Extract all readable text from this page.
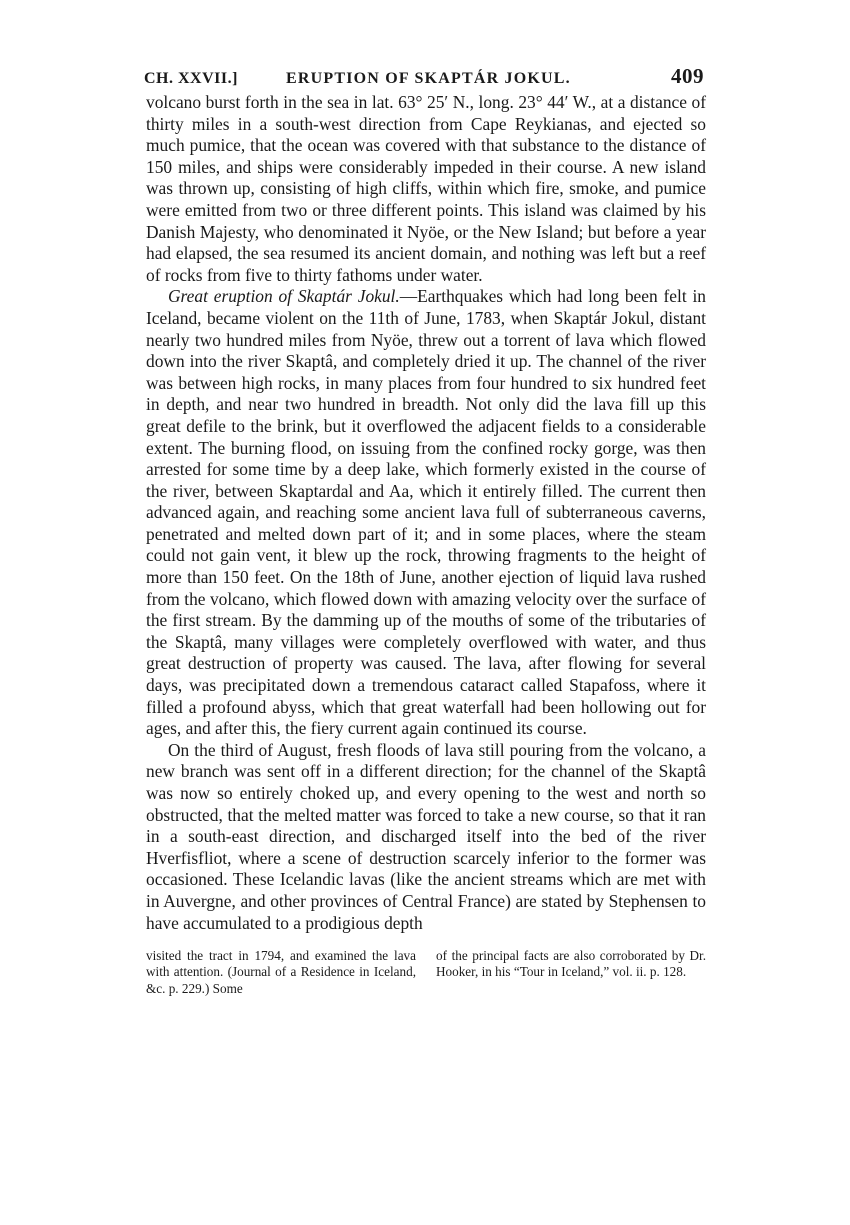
CH. XXVII.]	ERUPTION OF SKAPTÁR JOKUL.	409

volcano burst forth in the sea in lat. 63° 25′ N., long. 23° 44′ W., at a distance of thirty miles in a south-west direction from Cape Reykianas, and ejected so much pumice, that the ocean was covered with that substance to the distance of 150 miles, and ships were considerably impeded in their course. A new island was thrown up, consisting of high cliffs, within which fire, smoke, and pumice were emitted from two or three different points. This island was claimed by his Danish Majesty, who denominated it Nyöe, or the New Island; but before a year had elapsed, the sea resumed its ancient domain, and nothing was left but a reef of rocks from five to thirty fathoms under water.

Great eruption of Skaptár Jokul.—Earthquakes which had long been felt in Iceland, became violent on the 11th of June, 1783, when Skaptár Jokul, distant nearly two hundred miles from Nyöe, threw out a torrent of lava which flowed down into the river Skaptâ, and completely dried it up. The channel of the river was between high rocks, in many places from four hundred to six hundred feet in depth, and near two hundred in breadth. Not only did the lava fill up this great defile to the brink, but it overflowed the adjacent fields to a considerable extent. The burning flood, on issuing from the confined rocky gorge, was then arrested for some time by a deep lake, which formerly existed in the course of the river, between Skaptardal and Aa, which it entirely filled. The current then advanced again, and reaching some ancient lava full of subterraneous caverns, penetrated and melted down part of it; and in some places, where the steam could not gain vent, it blew up the rock, throwing fragments to the height of more than 150 feet. On the 18th of June, another ejection of liquid lava rushed from the volcano, which flowed down with amazing velocity over the surface of the first stream. By the damming up of the mouths of some of the tributaries of the Skaptâ, many villages were completely overflowed with water, and thus great destruction of property was caused. The lava, after flowing for several days, was precipitated down a tremendous cataract called Stapafoss, where it filled a profound abyss, which that great waterfall had been hollowing out for ages, and after this, the fiery current again continued its course.

On the third of August, fresh floods of lava still pouring from the volcano, a new branch was sent off in a different direction; for the channel of the Skaptâ was now so entirely choked up, and every opening to the west and north so obstructed, that the melted matter was forced to take a new course, so that it ran in a south-east direction, and discharged itself into the bed of the river Hverfisfliot, where a scene of destruction scarcely inferior to the former was occasioned. These Icelandic lavas (like the ancient streams which are met with in Auvergne, and other provinces of Central France) are stated by Stephensen to have accumulated to a prodigious depth

visited the tract in 1794, and examined the lava with attention. (Journal of a Residence in Iceland, &c. p. 229.) Some
of the principal facts are also corroborated by Dr. Hooker, in his “Tour in Iceland,” vol. ii. p. 128.
